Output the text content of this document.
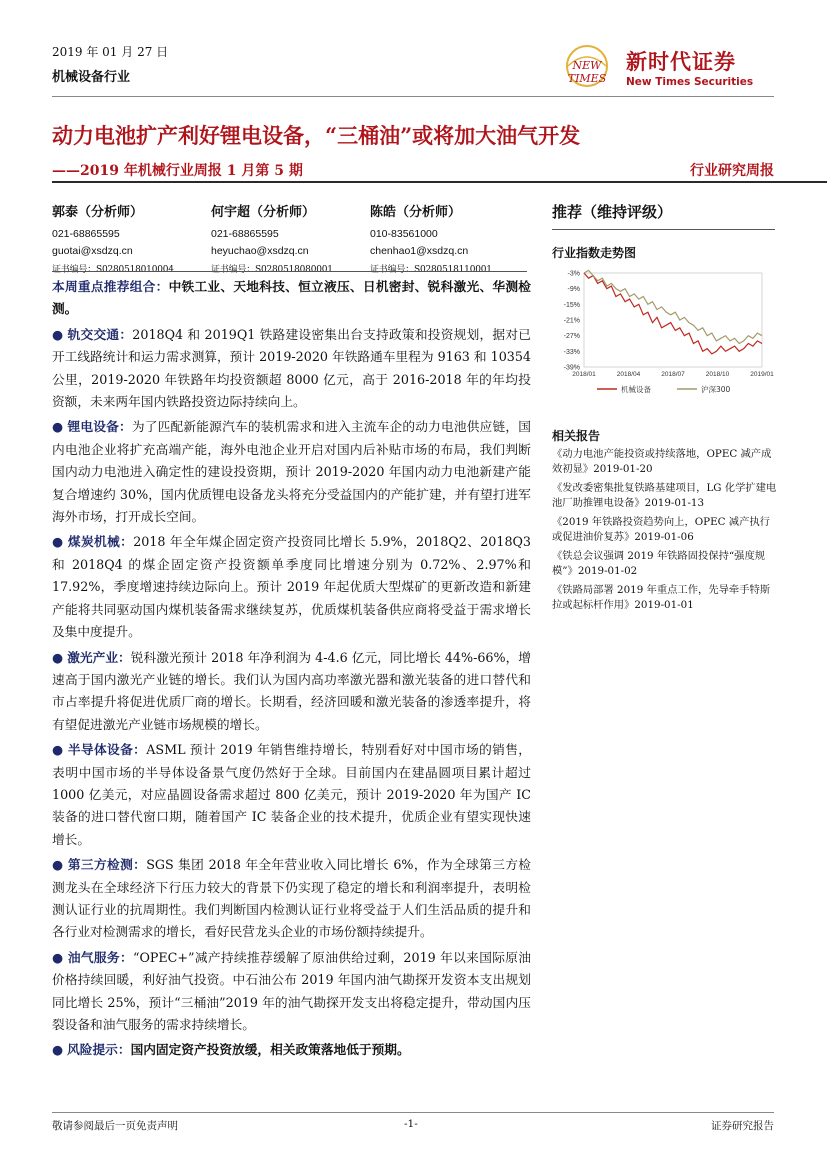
2019 年 01 月 27 日
机械设备行业
NEW
TIMES
新时代证券
New Times Securities
动力电池扩产利好锂电设备，“三桶油”或将加大油气开发
——2019 年机械行业周报 1 月第 5 期	行业研究周报
郭泰（分析师）
021-68865595
guotai@xsdzq.cn
证书编号：S0280518010004
何宇超（分析师）
021-68865595
heyuchao@xsdzq.cn
证书编号：S0280518080001
陈皓（分析师）
010-83561000
chenhao1@xsdzq.cn
证书编号：S0280518110001

本周重点推荐组合：中铁工业、天地科技、恒立液压、日机密封、锐科激光、华测检测。

● 轨交交通：2018Q4 和 2019Q1 铁路建设密集出台支持政策和投资规划，据对已开工线路统计和运力需求测算，预计 2019-2020 年铁路通车里程为 9163 和 10354 公里，2019-2020 年铁路年均投资额超 8000 亿元，高于 2016-2018 年的年均投资额，未来两年国内铁路投资边际持续向上。

● 锂电设备：为了匹配新能源汽车的装机需求和进入主流车企的动力电池供应链，国内电池企业将扩充高端产能，海外电池企业开启对国内后补贴市场的布局，我们判断国内动力电池进入确定性的建设投资期，预计 2019-2020 年国内动力电池新建产能复合增速约 30%，国内优质锂电设备龙头将充分受益国内的产能扩建，并有望打进军海外市场，打开成长空间。

● 煤炭机械：2018 年全年煤企固定资产投资同比增长 5.9%，2018Q2、2018Q3 和 2018Q4 的煤企固定资产投资额单季度同比增速分别为 0.72%、2.97%和 17.92%，季度增速持续边际向上。预计 2019 年起优质大型煤矿的更新改造和新建产能将共同驱动国内煤机装备需求继续复苏，优质煤机装备供应商将受益于需求增长及集中度提升。

● 激光产业：锐科激光预计 2018 年净利润为 4-4.6 亿元，同比增长 44%-66%，增速高于国内激光产业链的增长。我们认为国内高功率激光器和激光装备的进口替代和市占率提升将促进优质厂商的增长。长期看，经济回暖和激光装备的渗透率提升，将有望促进激光产业链市场规模的增长。

● 半导体设备：ASML 预计 2019 年销售维持增长，特别看好对中国市场的销售，表明中国市场的半导体设备景气度仍然好于全球。目前国内在建晶圆项目累计超过 1000 亿美元，对应晶圆设备需求超过 800 亿美元，预计 2019-2020 年为国产 IC 装备的进口替代窗口期，随着国产 IC 装备企业的技术提升，优质企业有望实现快速增长。

● 第三方检测：SGS 集团 2018 年全年营业收入同比增长 6%，作为全球第三方检测龙头在全球经济下行压力较大的背景下仍实现了稳定的增长和利润率提升，表明检测认证行业的抗周期性。我们判断国内检测认证行业将受益于人们生活品质的提升和各行业对检测需求的增长，看好民营龙头企业的市场份额持续提升。

● 油气服务：“OPEC+”减产持续推荐缓解了原油供给过剩，2019 年以来国际原油价格持续回暖，利好油气投资。中石油公布 2019 年国内油气勘探开发资本支出规划同比增长 25%，预计“三桶油”2019 年的油气勘探开发支出将稳定提升，带动国内压裂设备和油气服务的需求持续增长。

● 风险提示：国内固定资产投资放缓，相关政策落地低于预期。

推荐（维持评级）
行业指数走势图
-3%
-9%
-15%
-21%
-27%
-33%
-39%
2018/01	2018/04	2018/07	2018/10	2019/01
机械设备	沪深300
相关报告
《动力电池产能投资或持续落地，OPEC 减产成效初显》2019-01-20
《发改委密集批复铁路基建项目，LG 化学扩建电池厂助推锂电设备》2019-01-13
《2019 年铁路投资趋势向上，OPEC 减产执行或促进油价复苏》2019-01-06
《铁总会议强调 2019 年铁路固投保持“强度规模”》2019-01-02
《铁路局部署 2019 年重点工作，先导牵手特斯拉或起标杆作用》2019-01-01
敬请参阅最后一页免责声明	-1-	证券研究报告
